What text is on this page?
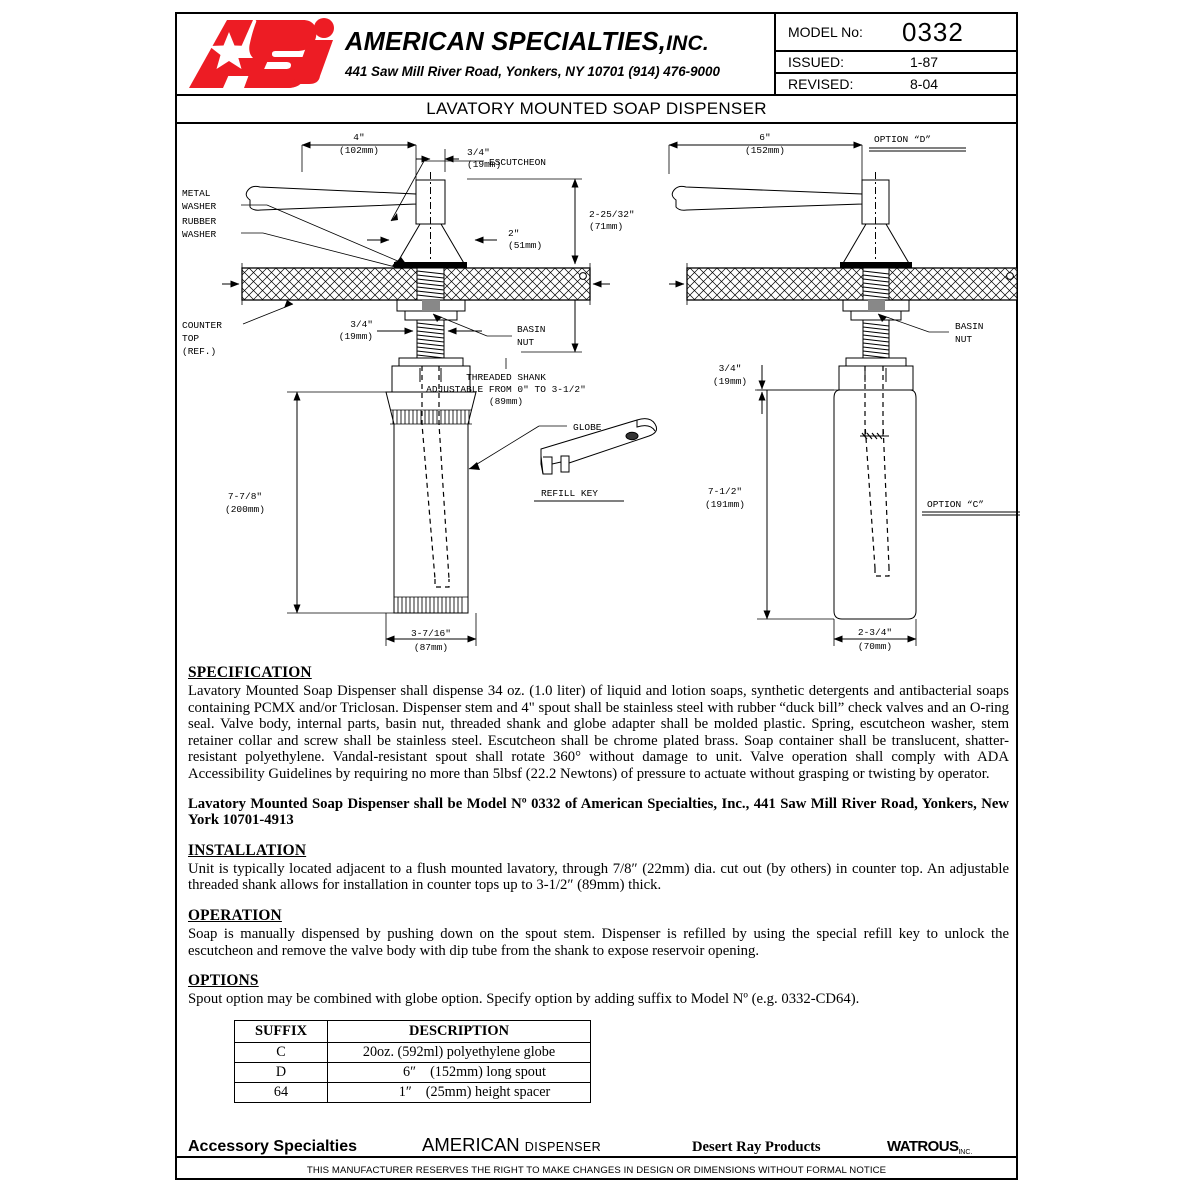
AMERICAN SPECIALTIES,INC.
441 Saw Mill River Road, Yonkers, NY 10701 (914) 476-9000
MODEL No:	0332
ISSUED:	1-87
REVISED:	8-04
LAVATORY MOUNTED SOAP DISPENSER
4″
(102mm)	3/4″
(19mm)
2″
(51mm)
ESCUTCHEON
2-25/32″
(71mm)
3/4″
(19mm)
BASIN
NUT
METAL
WASHER
RUBBER
WASHER
COUNTER
TOP
(REF.)
THREADED SHANK
ADJUSTABLE FROM 0″ TO 3-1/2″
(89mm)
GLOBE
7-7/8″
(200mm)
3-7/16″
(87mm)
REFILL KEY
6″
(152mm)
OPTION “D”
BASIN
NUT
3/4″
(19mm)
OPTION “C”
7-1/2″
(191mm)
2-3/4″
(70mm)
SPECIFICATION

Lavatory Mounted Soap Dispenser shall dispense 34 oz. (1.0 liter) of liquid and lotion soaps, synthetic detergents and antibacterial soaps containing PCMX and/or Triclosan. Dispenser stem and 4" spout shall be stainless steel with rubber “duck bill” check valves and an O-ring seal. Valve body, internal parts, basin nut, threaded shank and globe adapter shall be molded plastic. Spring, escutcheon washer, stem retainer collar and screw shall be stainless steel. Escutcheon shall be chrome plated brass. Soap container shall be translucent, shatter-resistant polyethylene. Vandal-resistant spout shall rotate 360° without damage to unit. Valve operation shall comply with ADA Accessibility Guidelines by requiring no more than 5lbsf (22.2 Newtons) of pressure to actuate without grasping or twisting by operator.

Lavatory Mounted Soap Dispenser shall be Model Nº 0332 of American Specialties, Inc., 441 Saw Mill River Road, Yonkers, New York 10701-4913

INSTALLATION

Unit is typically located adjacent to a flush mounted lavatory, through 7/8″ (22mm) dia. cut out (by others) in counter top. An adjustable threaded shank allows for installation in counter tops up to 3-1/2″ (89mm) thick.

OPERATION

Soap is manually dispensed by pushing down on the spout stem. Dispenser is refilled by using the special refill key to unlock the escutcheon and remove the valve body with dip tube from the shank to expose reservoir opening.

OPTIONS

Spout option may be combined with globe option. Specify option by adding suffix to Model Nº (e.g. 0332-CD64).

SUFFIX	DESCRIPTION
C	20oz. (592ml) polyethylene globe
D	6″ (152mm) long spout
64	1″ (25mm) height spacer
Accessory Specialties	AMERICAN DISPENSER	Desert Ray Products	WATROUSINC.
THIS MANUFACTURER RESERVES THE RIGHT TO MAKE CHANGES IN DESIGN OR DIMENSIONS WITHOUT FORMAL NOTICE
